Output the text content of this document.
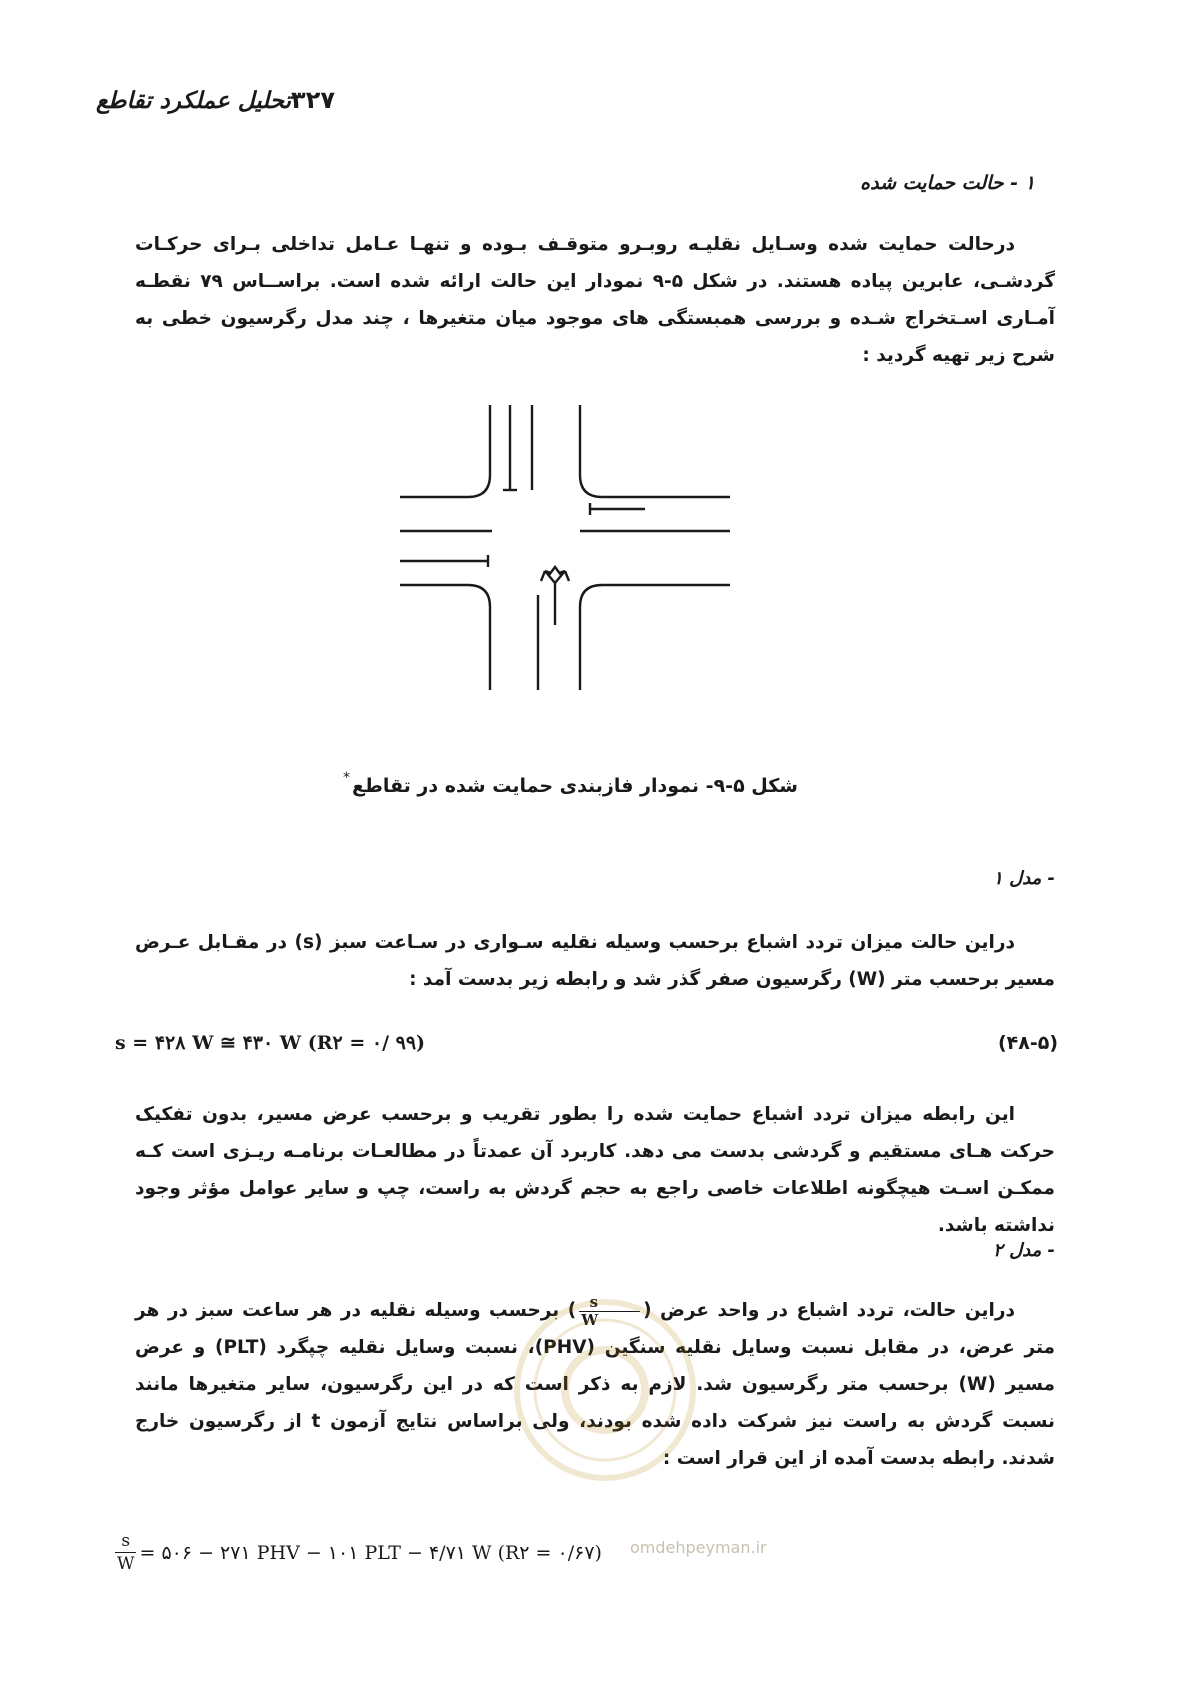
۳۲۷
تحلیل عملکرد تقاطع
۱ - حالت حمایت شده
درحالت حمایت شده وسـایل نقلیـه روبـرو متوقـف بـوده و تنهـا عـامل تداخلی بـرای حرکـات گردشـی، عابرین پیاده هستند. در شکل ۵-۹ نمودار این حالت ارائه شده است. براســاس ۷۹ نقطـه آمـاری اسـتخراج شـده و بررسی همبستگی های موجود میان متغیرها ، چند مدل رگرسیون خطی به شرح زیر تهیه گردید :
* شکل ۵-۹- نمودار فازبندی حمایت شده در تقاطع
- مدل ۱
دراین حالت میزان تردد اشباع برحسب وسیله نقلیه سـواری در سـاعت سبز (s) در مقـابل عـرض مسیر برحسب متر (W) رگرسیون صفر گذر شد و رابطه زیر بدست آمد :
s = ۴۲۸ W ≅ ۴۳۰ W (R۲ = ۰/ ۹۹)	(۴۸-۵)
این رابطه میزان تردد اشباع حمایت شده را بطور تقریب و برحسب عرض مسیر، بدون تفکیک حرکت هـای مستقیم و گردشی بدست می دهد. کاربرد آن عمدتاً در مطالعـات برنامـه ریـزی است کـه ممکـن اسـت هیچگونه اطلاعات خاصی راجع به حجم گردش به راست، چپ و سایر عوامل مؤثر وجود نداشته باشد.
- مدل ۲
دراین حالت، تردد اشباع در واحد عرض (
$\frac{s}{W}$
) برحسب وسیله نقلیه در هر ساعت سبز در هر متر عرض، در مقابل نسبت وسایل نقلیه سنگین (PHV)، نسبت وسایل نقلیه چپگرد (PLT) و عرض مسیر (W) برحسب متر رگرسیون شد. لازم به ذکر است که در این رگرسیون، سایر متغیرها مانند نسبت گردش به راست نیز شرکت داده شده بودند، ولی براساس نتایج آزمون t از رگرسیون خارج شدند. رابطه بدست آمده از این قرار است :
$\frac{s}{W}$ = ۵۰۶ − ۲۷۱ PHV − ۱۰۱ PLT − ۴/۷۱ W (R۲ = ۰/۶۷) omdehpeyman.ir
